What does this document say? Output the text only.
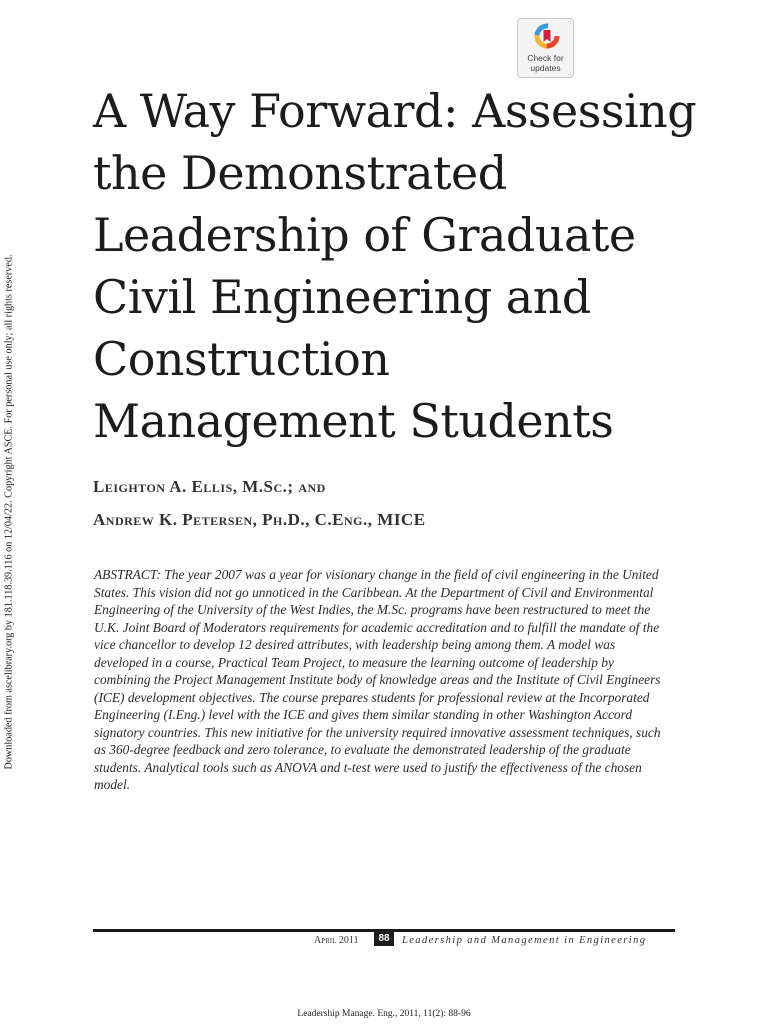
Downloaded from ascelibrary.org by 181.118.39.116 on 12/04/22. Copyright ASCE. For personal use only; all rights reserved.
Check for
updates
A Way Forward: Assessing the Demonstrated Leadership of Graduate Civil Engineering and Construction Management Students

Leighton A. Ellis, M.Sc.; and

Andrew K. Petersen, Ph.D., C.Eng., MICE

ABSTRACT: The year 2007 was a year for visionary change in the field of civil engineering in the United States. This vision did not go unnoticed in the Caribbean. At the Department of Civil and Environmental Engineering of the University of the West Indies, the M.Sc. programs have been restructured to meet the U.K. Joint Board of Moderators requirements for academic accreditation and to fulfill the mandate of the vice chancellor to develop 12 desired attributes, with leadership being among them. A model was developed in a course, Practical Team Project, to measure the learning outcome of leadership by combining the Project Management Institute body of knowledge areas and the Institute of Civil Engineers (ICE) development objectives. The course prepares students for professional review at the Incorporated Engineering (I.Eng.) level with the ICE and gives them similar standing in other Washington Accord signatory countries. This new initiative for the university required innovative assessment techniques, such as 360-degree feedback and zero tolerance, to evaluate the demonstrated leadership of the graduate students. Analytical tools such as ANOVA and t-test were used to justify the effectiveness of the chosen model.

April 2011	88	Leadership and Management in Engineering
Leadership Manage. Eng., 2011, 11(2): 88-96
